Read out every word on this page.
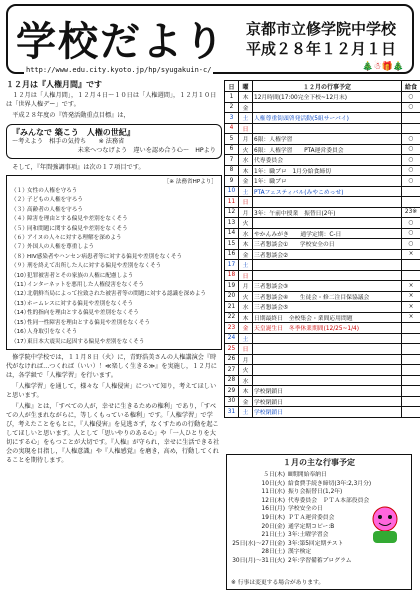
学校だより 京都市立修学院中学校
平成２８年１２月１日
http://www.edu.city.kyoto.jp/hp/syugakuin-c/	🎄☃🎁🎄
１２月は『人権月間』です

１２月は「人権月間」，１２月４日～１０日は「人権週間」，１２月１０日は「世界人権デー」です。

平成２８年度の『啓発活動重点目標』は，

『みんなで 築こう　人権の世紀』
～考えよう　相手の気持ち　　※ 法務省
未来へつなげよう　違いを認め合う心～　HPより

そして，『年間強調事項』は次の１７項目です。

［※ 法務省HPより］
（１）女性の人権を守ろう
（２）子どもの人権を守ろう
（３）高齢者の人権を守ろう
（４）障害を理由とする偏見や差別をなくそう
（５）同和問題に関する偏見や差別をなくそう
（６）アイヌの人々に対する理解を深めよう
（７）外国人の人権を尊重しよう
（８）HIV感染者やハンセン病患者等に対する偏見や差別をなくそう
（９）刑を終えて出所した人に対する偏見や差別をなくそう
（10）犯罪被害者とその家族の人権に配慮しよう
（11）インターネットを悪用した人権侵害をなくそう
（12）北朝鮮当局によって拉致された被害者等の問題に対する認識を深めよう
（13）ホームレスに対する偏見や差別をなくそう
（14）性的指向を理由とする偏見や差別をなくそう
（15）性同一性障害を理由とする偏見や差別をなくそう
（16）人身取引をなくそう
（17）東日本大震災に起因する偏見や差別をなくそう

修学院中学校では，１１月８日（火）に，青野浩美さんの人権講演会『時代がなければ…つくれば（いい）！≪楽しく生きる≫』を実施し，１２月には，各学級で「人権学習」を行います。

「人権学習」を通して，様々な「人権侵害」について知り，考えてほしいと思います。

『人権』とは，「すべての人が，幸せに生きるための権利」であり，「すべての人が生まれながらに，等しくもっている権利」です。「人権学習」で学び，考えたことをもとに，『人権侵害』を見逃さず，なくすための行動を起こしてほしいと思います。人として「思いやりのある心」や「一人ひとりを大切にする心」をもつことが大切です。『人権』が守られ，幸せに生活できる社会の実現を目指し，『人権意識』や『人権感覚』を磨き，高め，行動してくれることを期待します。

日	曜	１２月の行事予定	給食
1	木	12月時間(17:00完全下校~12月末)	○
2	金		○
3	土	人権尊重街頭啓発活動(5組サーバイ)	
4	日		
5	月	6限：人権学習	○
6	火	6限：人権学習　　PTA運営委員会	○
7	水	代専委員会	○
8	木	1年：職プロ　1月分給食締切	○
9	金	1年：職プロ	○
10	土	PTAフェスティバル(みやこめっせ)	
11	日		
12	月	3年：午前中授業　振替日(2年)	23※
13	火		○
14	水	やかんみがき　　通学定期：C-日	○
15	木	三者懇談会①　　学校安全の日	○
16	金	三者懇談会②	×
17	土		
18	日		
19	月	三者懇談会③	×
20	火	三者懇談会④　　生徒会・修二注目保協議会	×
21	水	三者懇談会⑤	×
22	木	日期最終日　全校集会・業間応用問題	×
23	金	天皇誕生日　冬季休業期間(12/25~1/4)	
24	土		
25	日		
26	月		
27	火		
28	水		
29	木	学校閉鎖日	
30	金	学校閉鎖日	
31	土	学校閉鎖日	
１月の主な行事予定
５日(木) Ⅲ期開始奉納日
10日(火) 給食費手続き締切(3年:2,3月分)
11日(水) 振り会振替日(1,2年)
12日(木) 代専委員会　ＰＴＡ本部役員会
16日(月) 学校安全の日
19日(木) ＰＴＡ運営委員会
20日(金) 通学定期コピー:B
21日(土) 3年:土曜学習会
25日(水)～27日(金) 3年:第5回定期テスト
28日(土) 漢字検定
30日(月)～31日(火) 2年:学習備蓄プログラム
※ 行事は変更する場合があります。
